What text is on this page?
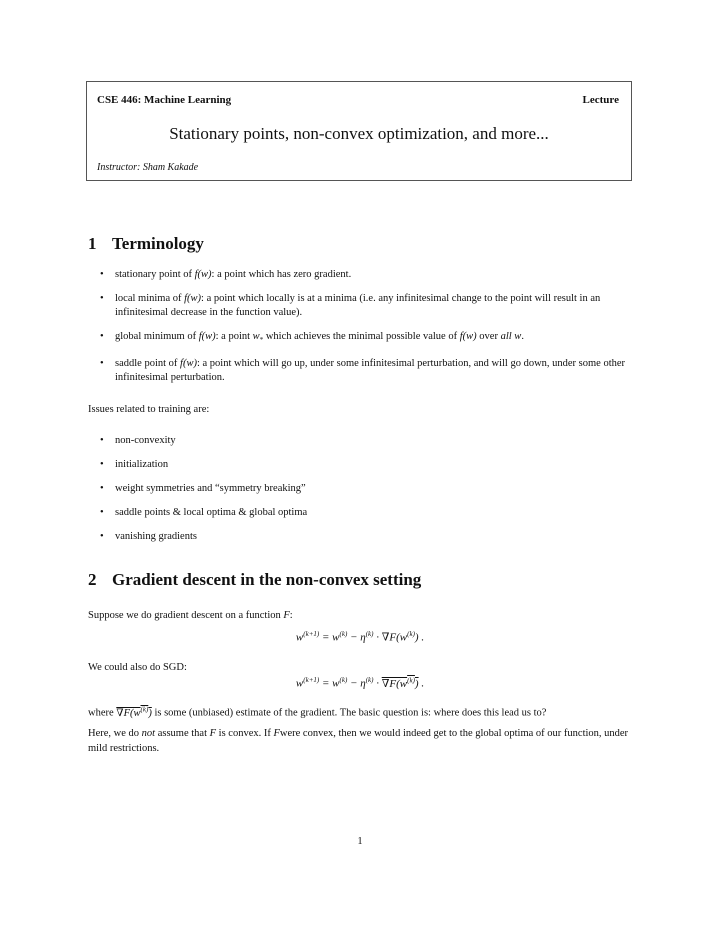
CSE 446: Machine Learning	Lecture
Stationary points, non-convex optimization, and more...
Instructor: Sham Kakade
1 Terminology
• stationary point of f(w): a point which has zero gradient.
• local minima of f(w): a point which locally is at a minima (i.e. any infinitesimal change to the point will result in an infinitesimal decrease in the function value).
• global minimum of f(w): a point $w_*$ which achieves the minimal possible value of f(w) over all w.
• saddle point of f(w): a point which will go up, under some infinitesimal perturbation, and will go down, under some other infinitesimal perturbation.

Issues related to training are:

• non-convexity
• initialization
• weight symmetries and “symmetry breaking”
• saddle points & local optima & global optima
• vanishing gradients
2 Gradient descent in the non-convex setting

Suppose we do gradient descent on a function F:

$w^{(k+1)} = w^{(k)} - \eta^{(k)} \cdot \nabla F(w^{(k)})$ .

We could also do SGD:

$w^{(k+1)} = w^{(k)} - \eta^{(k)} \cdot \nabla F(w^{(k)})$ .

where $\nabla F(w^{(k)})$ is some (unbiased) estimate of the gradient. The basic question is: where does this lead us to?

Here, we do not assume that F is convex. If Fwere convex, then we would indeed get to the global optima of our function, under mild restrictions.

1
